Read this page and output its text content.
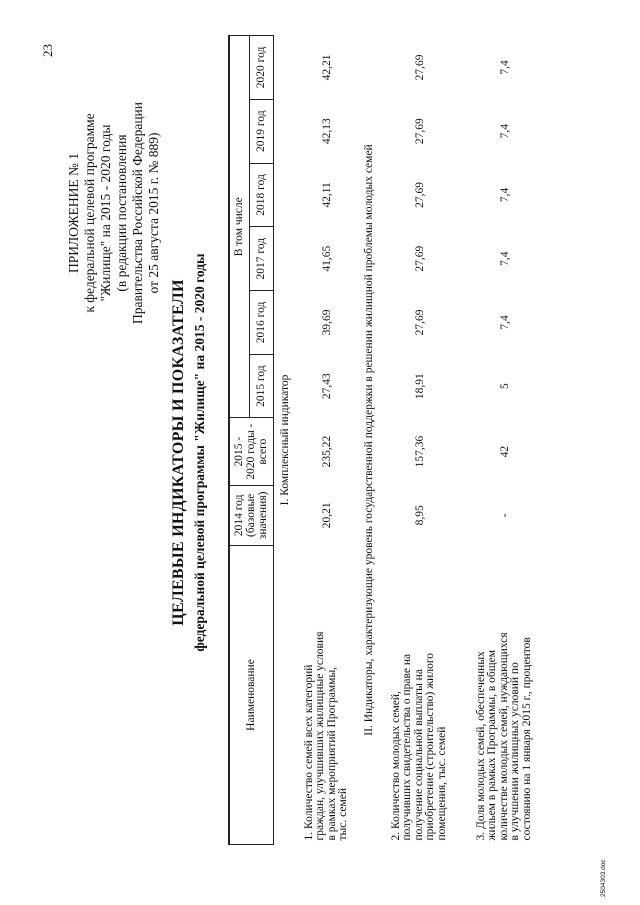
23
ПРИЛОЖЕНИЕ № 1 к федеральной целевой программе "Жилище" на 2015 - 2020 годы (в редакции постановления Правительства Российской Федерации от 25 августа 2015 г. № 889)
ЦЕЛЕВЫЕ ИНДИКАТОРЫ И ПОКАЗАТЕЛИ федеральной целевой программы "Жилище" на 2015 - 2020 годы
Наименование	2014 год (базовые значения)	2015 - 2020 годы - всего	В том числе					
			2015 год	2016 год	2017 год	2018 год	2019 год	2020 год
I. Комплексный индикатор								

1. Количество семей всех категорий граждан, улучшивших жилищные условия в рамках мероприятий Программы, тыс. семей	20,21	235,22	27,43	39,69	41,65	42,11	42,13	42,21
II. Индикаторы, характеризующие уровень государственной поддержки в решении жилищной проблемы молодых семей								

2. Количество молодых семей, получивших свидетельства о праве на получение социальной выплаты на приобретение (строительство) жилого помещения, тыс. семей	8,95	157,36	18,91	27,69	27,69	27,69	27,69	27,69

3. Доля молодых семей, обеспеченных жильем в рамках Программы, в общем количестве молодых семей, нуждающихся в улучшении жилищных условий по состоянию на 1 января 2015 г., процентов	-	42	5	7,4	7,4	7,4	7,4	7,4
2504303.doc
